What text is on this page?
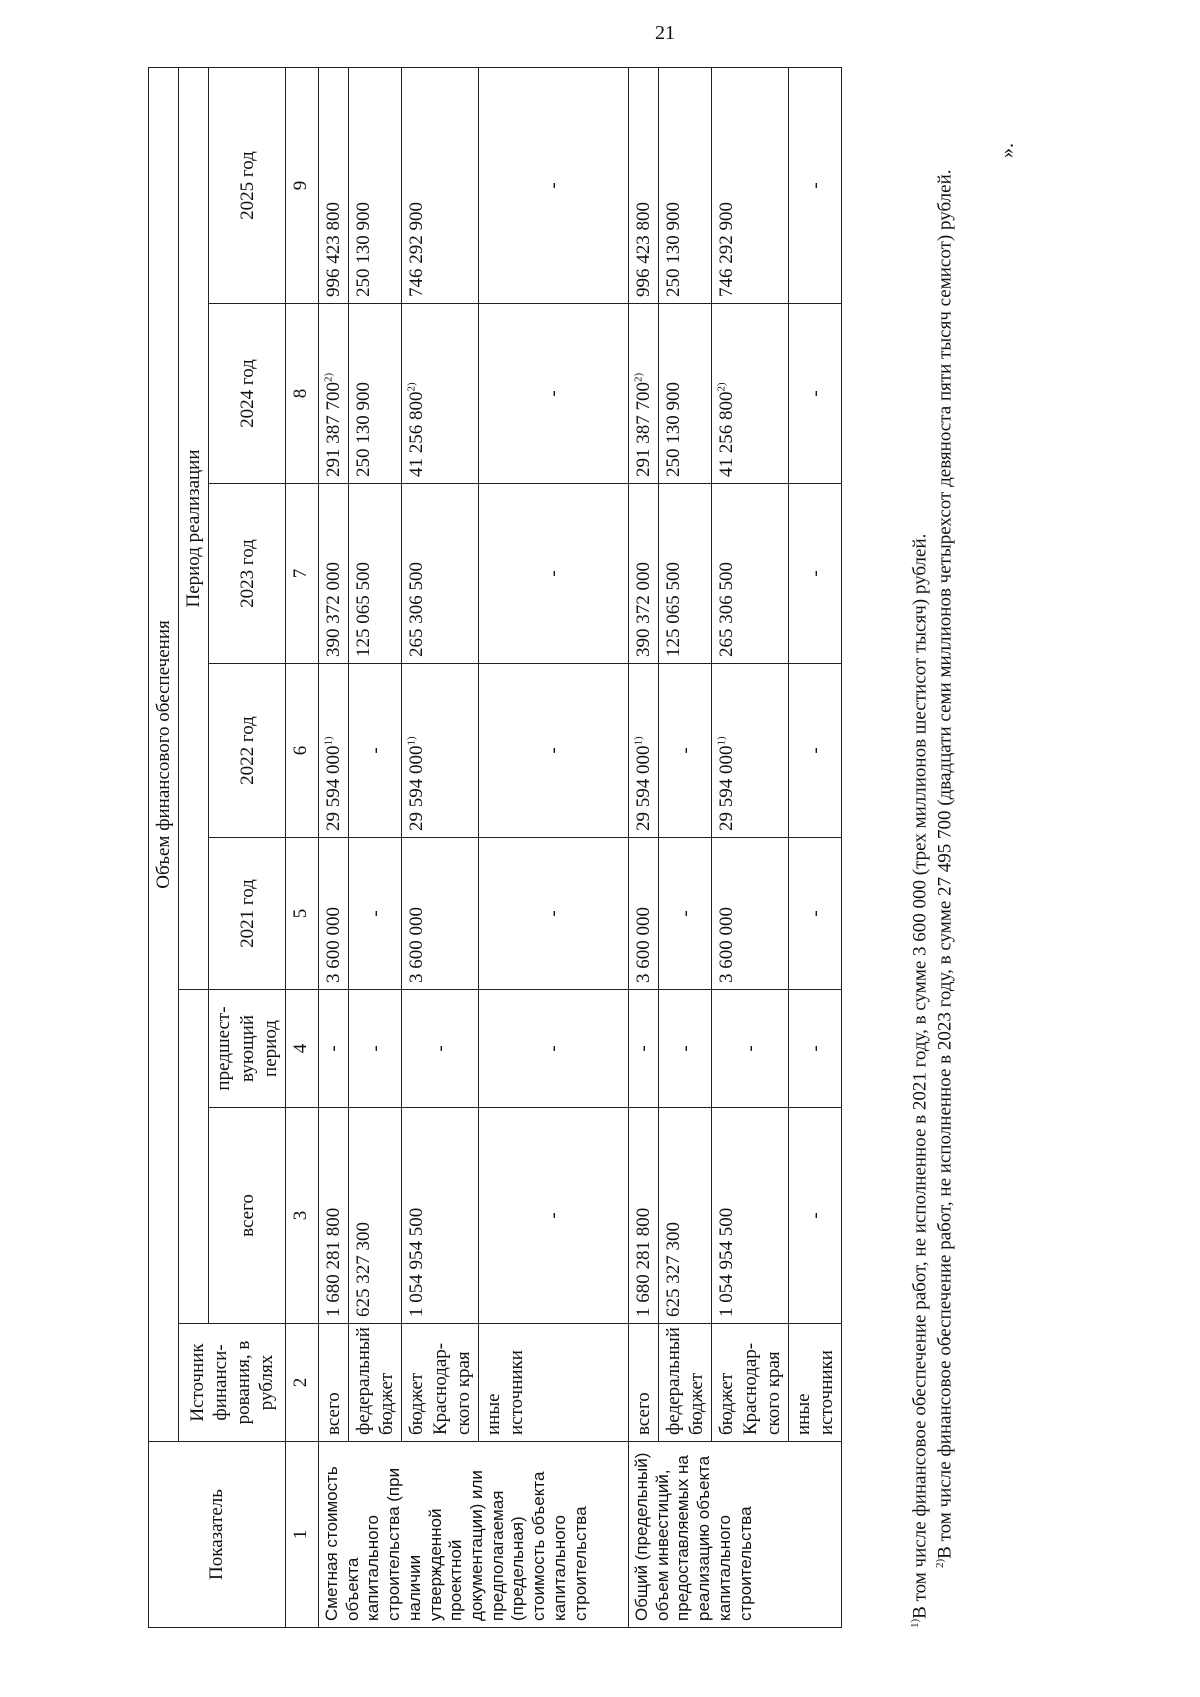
21
Показатель	Объем финансового обеспечения							
	Источник финанси-рования, в рублях			Период реализации				
		всего	предшест-вующий период	2021 год	2022 год	2023 год	2024 год	2025 год
1	2	3	4	5	6	7	8	9
Сметная стоимость объекта капитального строительства (при наличии утвержденной проектной документации) или предполагаемая (предельная) стоимость объекта капитального строительства	всего	1 680 281 800	-	3 600 000	29 594 000$^{1)}$	390 372 000	291 387 700$^{2)}$	996 423 800
	федеральный бюджет	625 327 300	-	-	-	125 065 500	250 130 900	250 130 900
	бюджет Краснодар-ского края	1 054 954 500	-	3 600 000	29 594 000$^{1)}$	265 306 500	41 256 800$^{2)}$	746 292 900
	иные источники	-	-	-	-	-	-	-
Общий (предельный) объем инвестиций, предоставляемых на реализацию объекта капитального строительства	всего	1 680 281 800	-	3 600 000	29 594 000$^{1)}$	390 372 000	291 387 700$^{2)}$	996 423 800
	федеральный бюджет	625 327 300	-	-	-	125 065 500	250 130 900	250 130 900
	бюджет Краснодар-ского края	1 054 954 500	-	3 600 000	29 594 000$^{1)}$	265 306 500	41 256 800$^{2)}$	746 292 900
	иные источники	-	-	-	-	-	-	-

$^{1)}$В том числе финансовое обеспечение работ, не исполненное в 2021 году, в сумме 3 600 000 (трех миллионов шестисот тысяч) рублей. $^{2)}$В том числе финансовое обеспечение работ, не исполненное в 2023 году, в сумме 27 495 700 (двадцати семи миллионов четырехсот девяноста пяти тысяч семисот) рублей.

».
